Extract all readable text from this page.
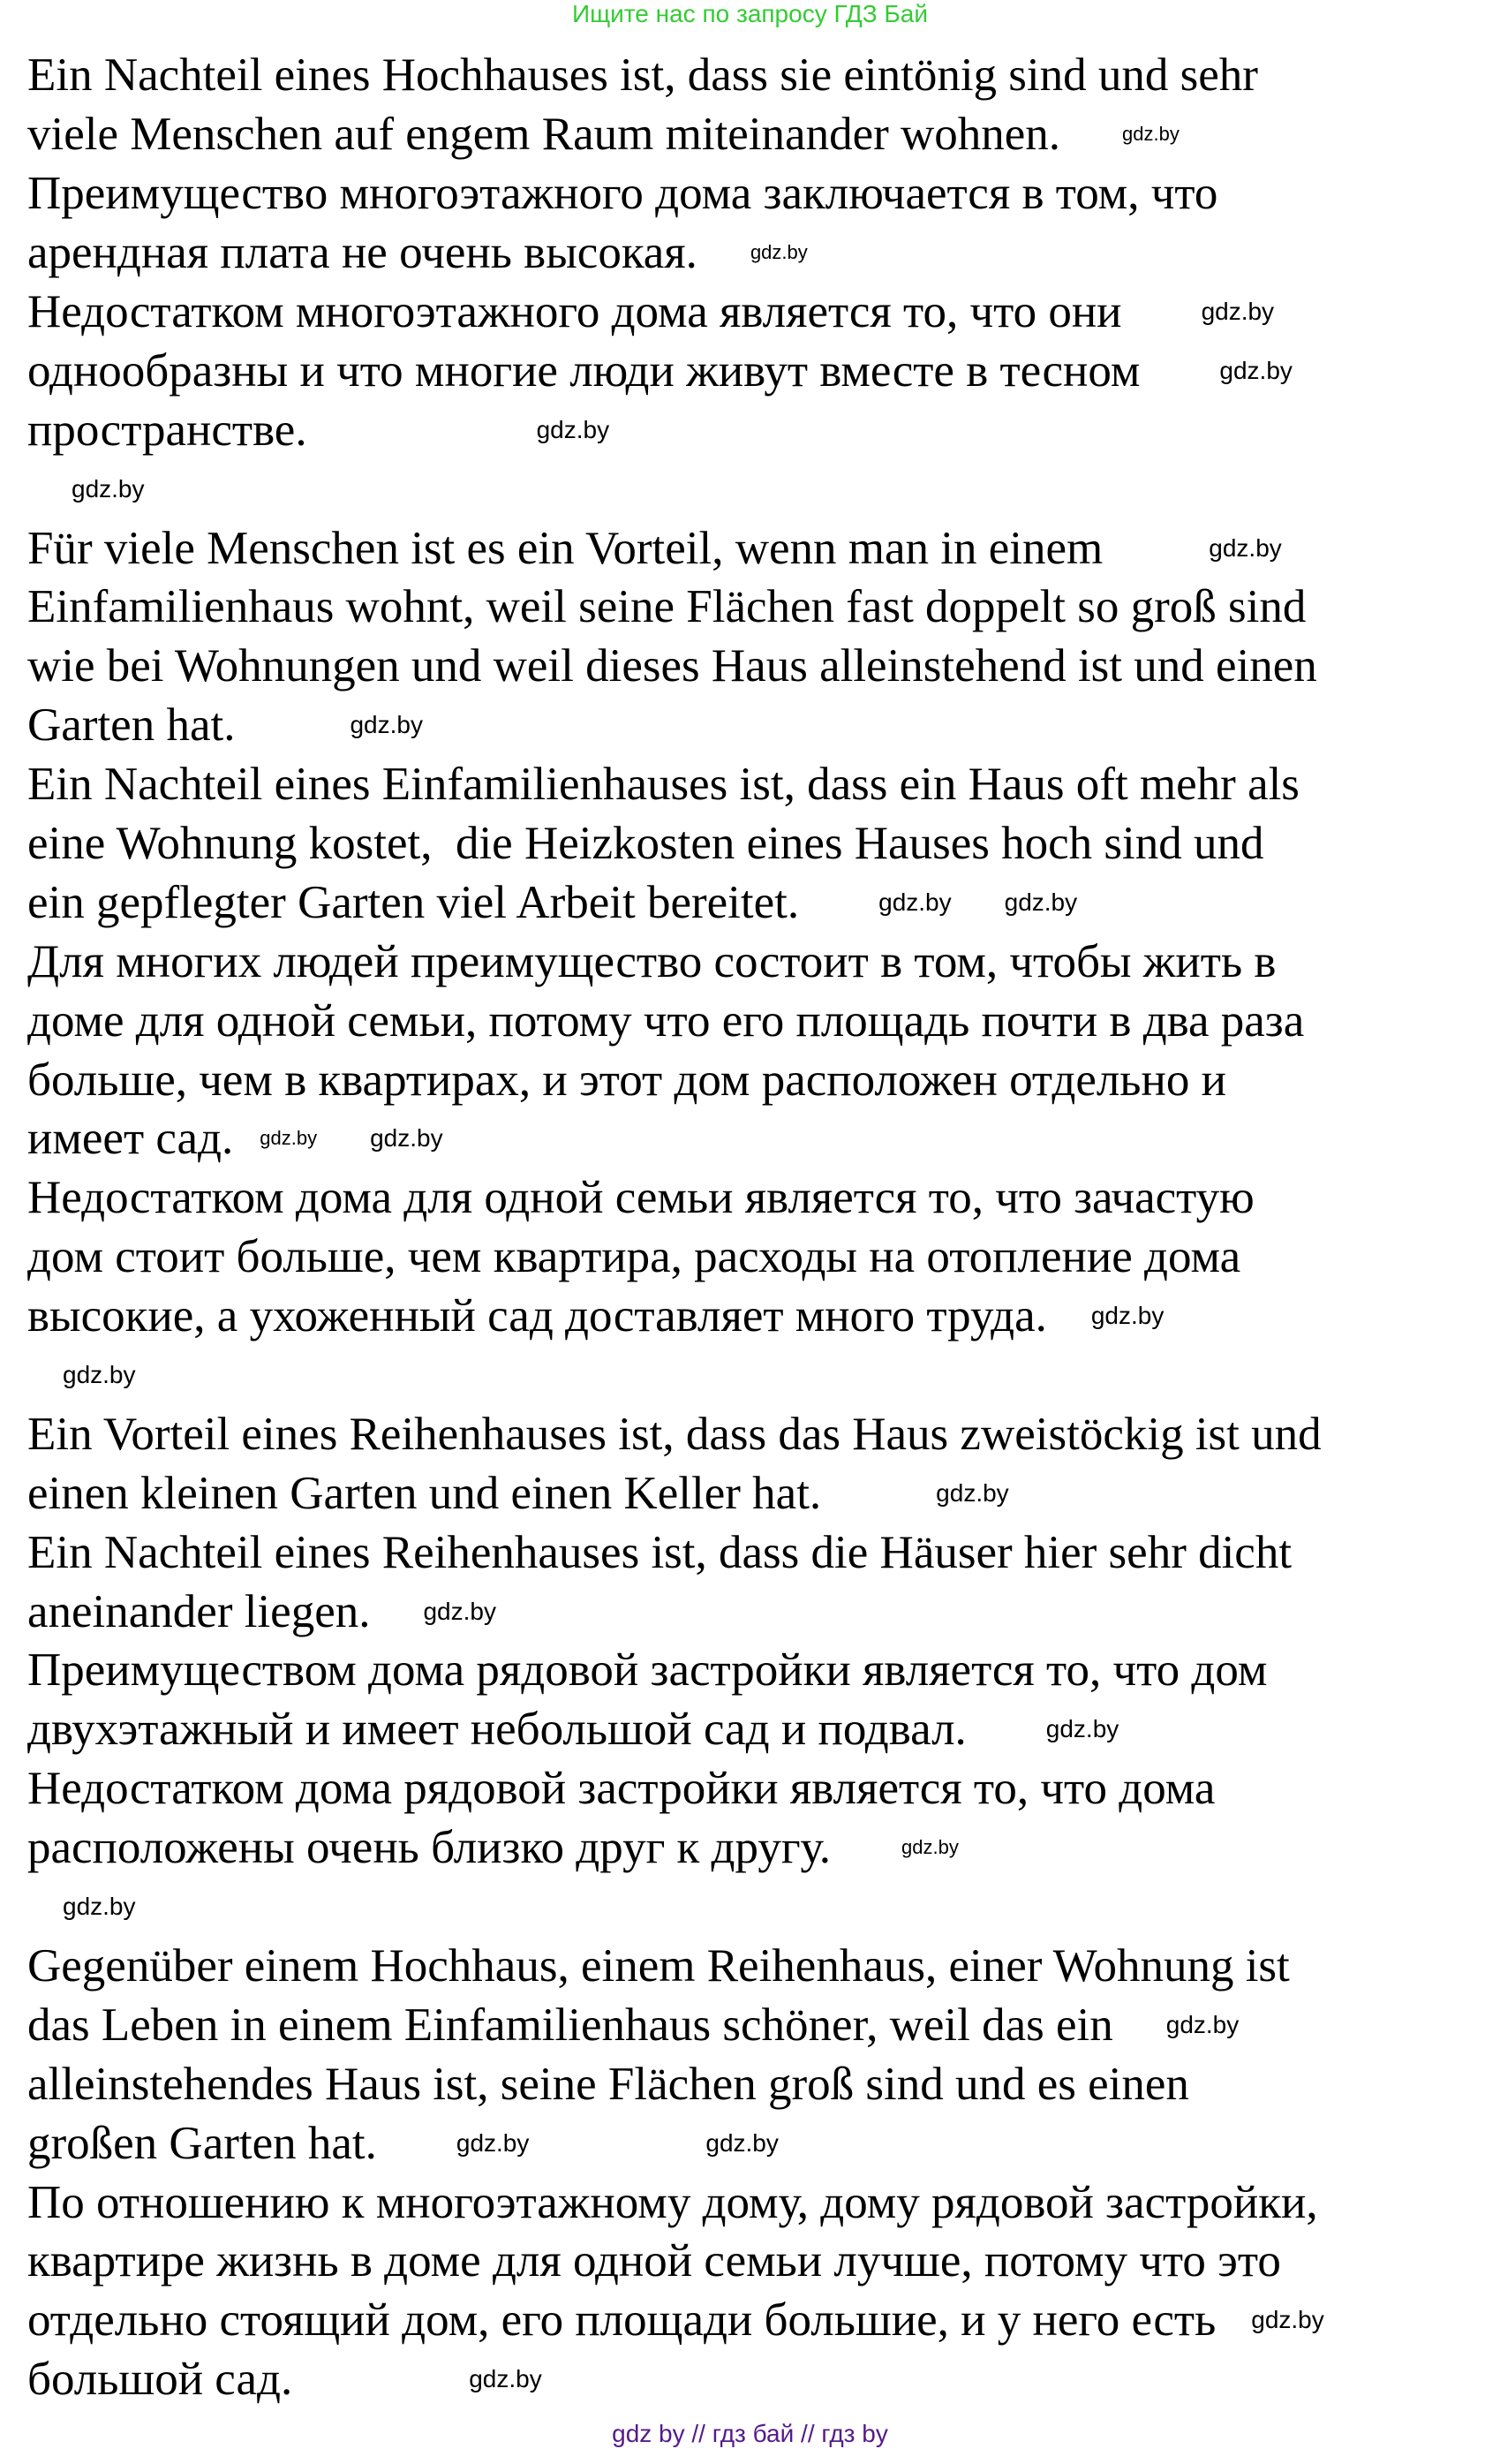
Ищите нас по запросу ГДЗ Бай
Ein Nachteil eines Hochhauses ist, dass sie eintönig sind und sehr
viele Menschen auf engem Raum miteinander wohnen.	gdz.by
Преимущество многоэтажного дома заключается в том, что
арендная плата не очень высокая.	gdz.by
Недостатком многоэтажного дома является то, что они	gdz.by
однообразны и что многие люди живут вместе в тесном	gdz.by
пространстве.	gdz.by
gdz.by
Für viele Menschen ist es ein Vorteil, wenn man in einem	gdz.by
Einfamilienhaus wohnt, weil seine Flächen fast doppelt so groß sind
wie bei Wohnungen und weil dieses Haus alleinstehend ist und einen
Garten hat.	gdz.by
Ein Nachteil eines Einfamilienhauses ist, dass ein Haus oft mehr als
eine Wohnung kostet,  die Heizkosten eines Hauses hoch sind und
ein gepflegter Garten viel Arbeit bereitet.	gdz.by gdz.by
Для многих людей преимущество состоит в том, чтобы жить в
доме для одной семьи, потому что его площадь почти в два раза
больше, чем в квартирах, и этот дом расположен отдельно и
имеет сад. gdz.by gdz.by
Недостатком дома для одной семьи является то, что зачастую
дом стоит больше, чем квартира, расходы на отопление дома
высокие, а ухоженный сад доставляет много труда. gdz.by
gdz.by
Ein Vorteil eines Reihenhauses ist, dass das Haus zweistöckig ist und
einen kleinen Garten und einen Keller hat.	gdz.by
Ein Nachteil eines Reihenhauses ist, dass die Häuser hier sehr dicht
aneinander liegen. gdz.by
Преимуществом дома рядовой застройки является то, что дом
двухэтажный и имеет небольшой сад и подвал.	gdz.by
Недостатком дома рядовой застройки является то, что дома
расположены очень близко друг к другу.	gdz.by
gdz.by
Gegenüber einem Hochhaus, einem Reihenhaus, einer Wohnung ist
das Leben in einem Einfamilienhaus schöner, weil das ein gdz.by
alleinstehendes Haus ist, seine Flächen groß sind und es einen
großen Garten hat.	gdz.by	gdz.by
По отношению к многоэтажному дому, дому рядовой застройки,
квартире жизнь в доме для одной семьи лучше, потому что это
отдельно стоящий дом, его площади большие, и у него есть gdz.by
большой сад.	gdz.by
gdz by // гдз бай // гдз by
